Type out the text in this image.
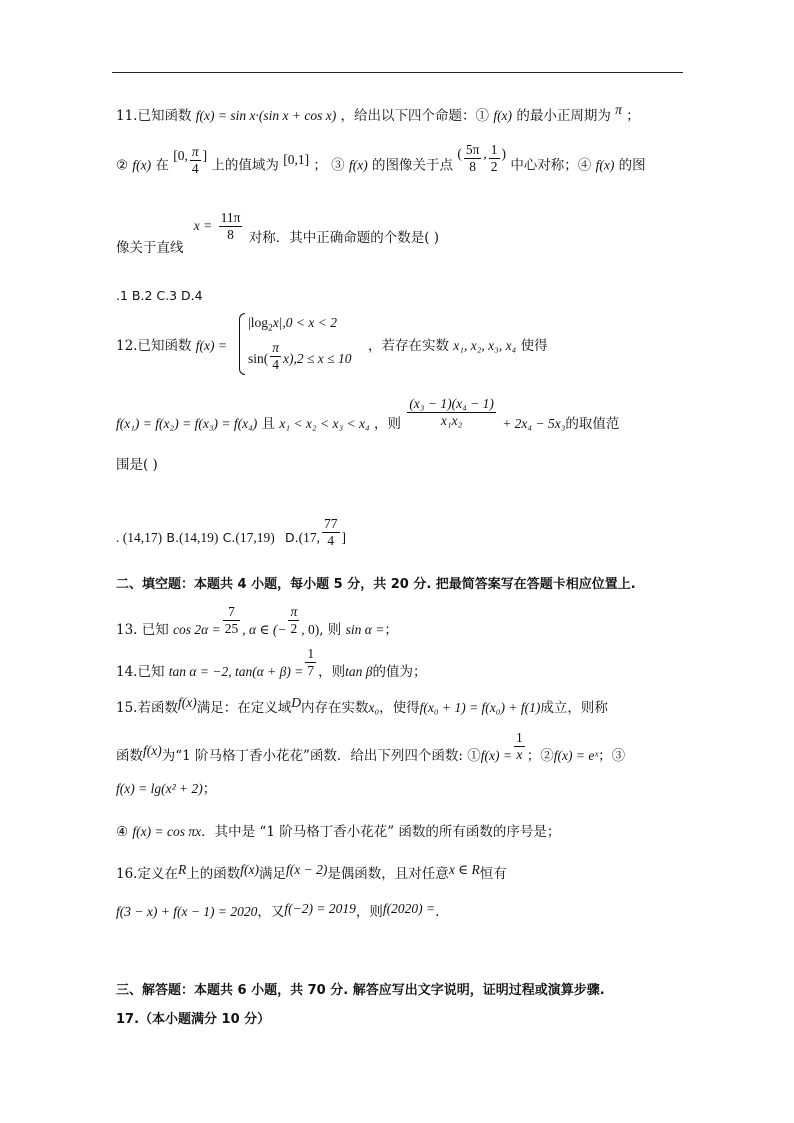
11.已知函数 f(x) = sin x·(sin x + cos x) ，给出以下四个命题：① f(x) 的最小正周期为 π ；
② f(x) 在 [0, $\frac{\pi}{4}$ ] 上的值域为 [0,1] ； ③ f(x) 的图像关于点 ( $\frac{5\pi}{8}$ , $\frac{1}{2}$ ) 中心对称；④ f(x) 的图
像关于直线 $x = \frac{11\pi}{8}$ 对称．其中正确命题的个数是( )
.1 B.2 C.3 D.4
12.已知函数 f(x) =
$|\log_2x|,0 < x < 2$
$\sin( \frac{\pi}{4} x),2 \le x \le 10$
，若存在实数 x₁, x₂, x₃, x₄ 使得
f(x₁) = f(x₂) = f(x₃) = f(x₄) 且 x₁ < x₂ < x₃ < x₄ ，则 $\frac{\text{(x₃ − 1)(x₄ − 1)}}{\text{x₁x₂}} + 2x_4 - 5x_3$的取值范
围是( )
. (14,17) B.(14,19) C.(17,19) D.(17, $\frac{77}{4}$ ]
二、填空题：本题共 4 小题，每小题 5 分，共 20 分. 把最简答案写在答题卡相应位置上.
13. 已知 $\cos 2\alpha = \frac{7}{25}$ , α ∈ (− $\frac{\pi}{2}$ , 0), 则 sin α =；
14.已知 tan α = −2, $\tan(\alpha + \beta) = \frac{1}{7}$ ，则tan β的值为；
15.若函数f(x)满足：在定义域D内存在实数x₀，使得f(x₀ + 1) = f(x₀) + f(1)成立，则称
函数f(x)为“1 阶马格丁香小花花”函数．给出下列四个函数: ①f(x) = $\frac{1}{x}$ ；②f(x) = eˣ；③
f(x) = lg(x² + 2)；
④ f(x) = cos πx．其中是 “1 阶马格丁香小花花” 函数的所有函数的序号是；
16.定义在R上的函数f(x)满足f(x − 2)是偶函数，且对任意x ∈ R恒有
f(3 − x) + f(x − 1) = 2020，又f(−2) = 2019，则f(2020) =.
三、解答题：本题共 6 小题，共 70 分. 解答应写出文字说明，证明过程或演算步骤.
17.（本小题满分 10 分）
